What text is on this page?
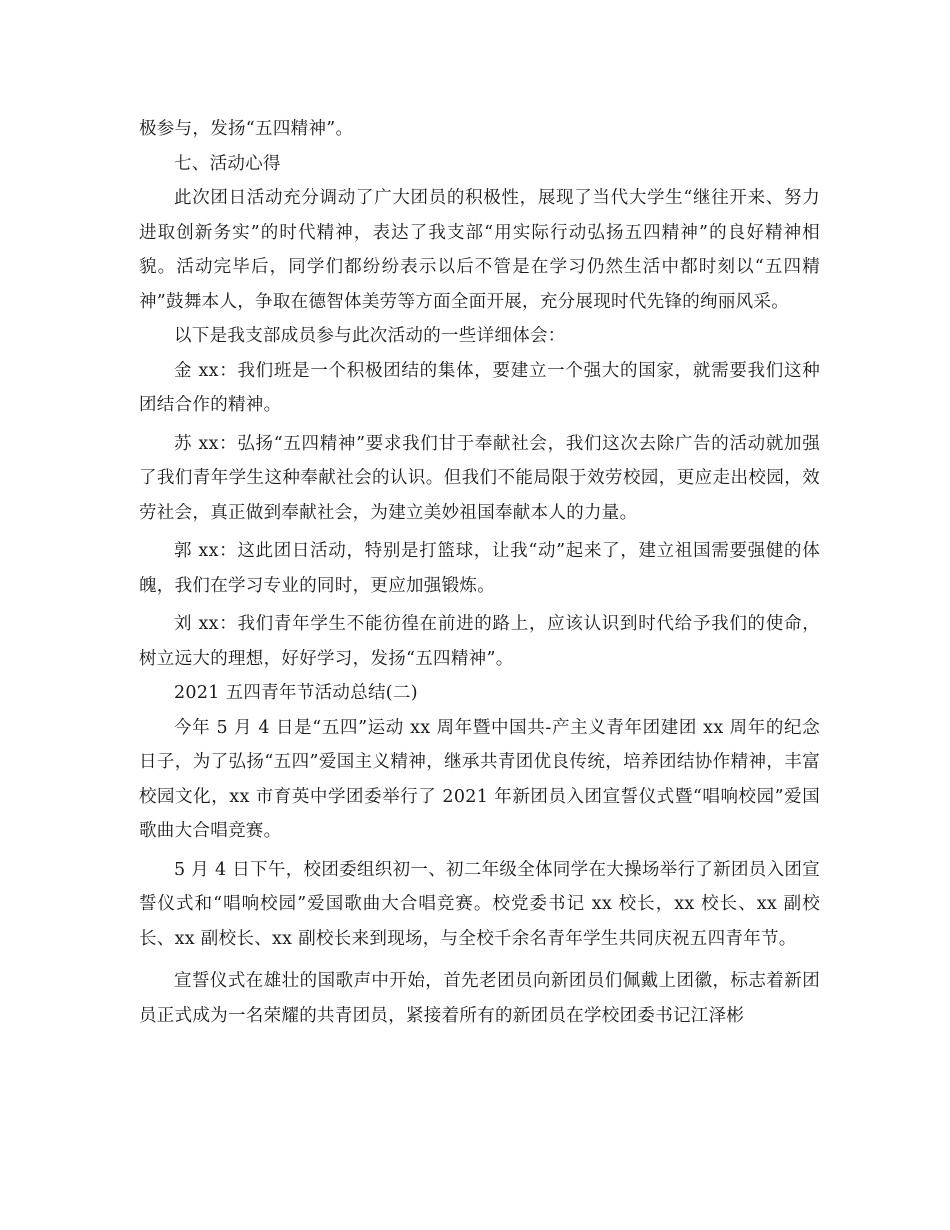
极参与，发扬“五四精神”。

七、活动心得

此次团日活动充分调动了广大团员的积极性，展现了当代大学生“继往开来、努力进取创新务实”的时代精神，表达了我支部“用实际行动弘扬五四精神”的良好精神相貌。活动完毕后，同学们都纷纷表示以后不管是在学习仍然生活中都时刻以“五四精神”鼓舞本人，争取在德智体美劳等方面全面开展，充分展现时代先锋的绚丽风采。

以下是我支部成员参与此次活动的一些详细体会：

金 xx：我们班是一个积极团结的集体，要建立一个强大的国家，就需要我们这种团结合作的精神。

苏 xx：弘扬“五四精神”要求我们甘于奉献社会，我们这次去除广告的活动就加强了我们青年学生这种奉献社会的认识。但我们不能局限于效劳校园，更应走出校园，效劳社会，真正做到奉献社会，为建立美妙祖国奉献本人的力量。

郭 xx：这此团日活动，特别是打篮球，让我“动”起来了，建立祖国需要强健的体魄，我们在学习专业的同时，更应加强锻炼。

刘 xx：我们青年学生不能彷徨在前进的路上，应该认识到时代给予我们的使命，树立远大的理想，好好学习，发扬“五四精神”。

2021 五四青年节活动总结(二)

今年 5 月 4 日是“五四”运动 xx 周年暨中国共-产主义青年团建团 xx 周年的纪念日子，为了弘扬“五四”爱国主义精神，继承共青团优良传统，培养团结协作精神，丰富校园文化，xx 市育英中学团委举行了 2021 年新团员入团宣誓仪式暨“唱响校园”爱国歌曲大合唱竞赛。

5 月 4 日下午，校团委组织初一、初二年级全体同学在大操场举行了新团员入团宣誓仪式和“唱响校园”爱国歌曲大合唱竞赛。校党委书记 xx 校长，xx 校长、xx 副校长、xx 副校长、xx 副校长来到现场，与全校千余名青年学生共同庆祝五四青年节。

宣誓仪式在雄壮的国歌声中开始，首先老团员向新团员们佩戴上团徽，标志着新团员正式成为一名荣耀的共青团员，紧接着所有的新团员在学校团委书记江泽彬
